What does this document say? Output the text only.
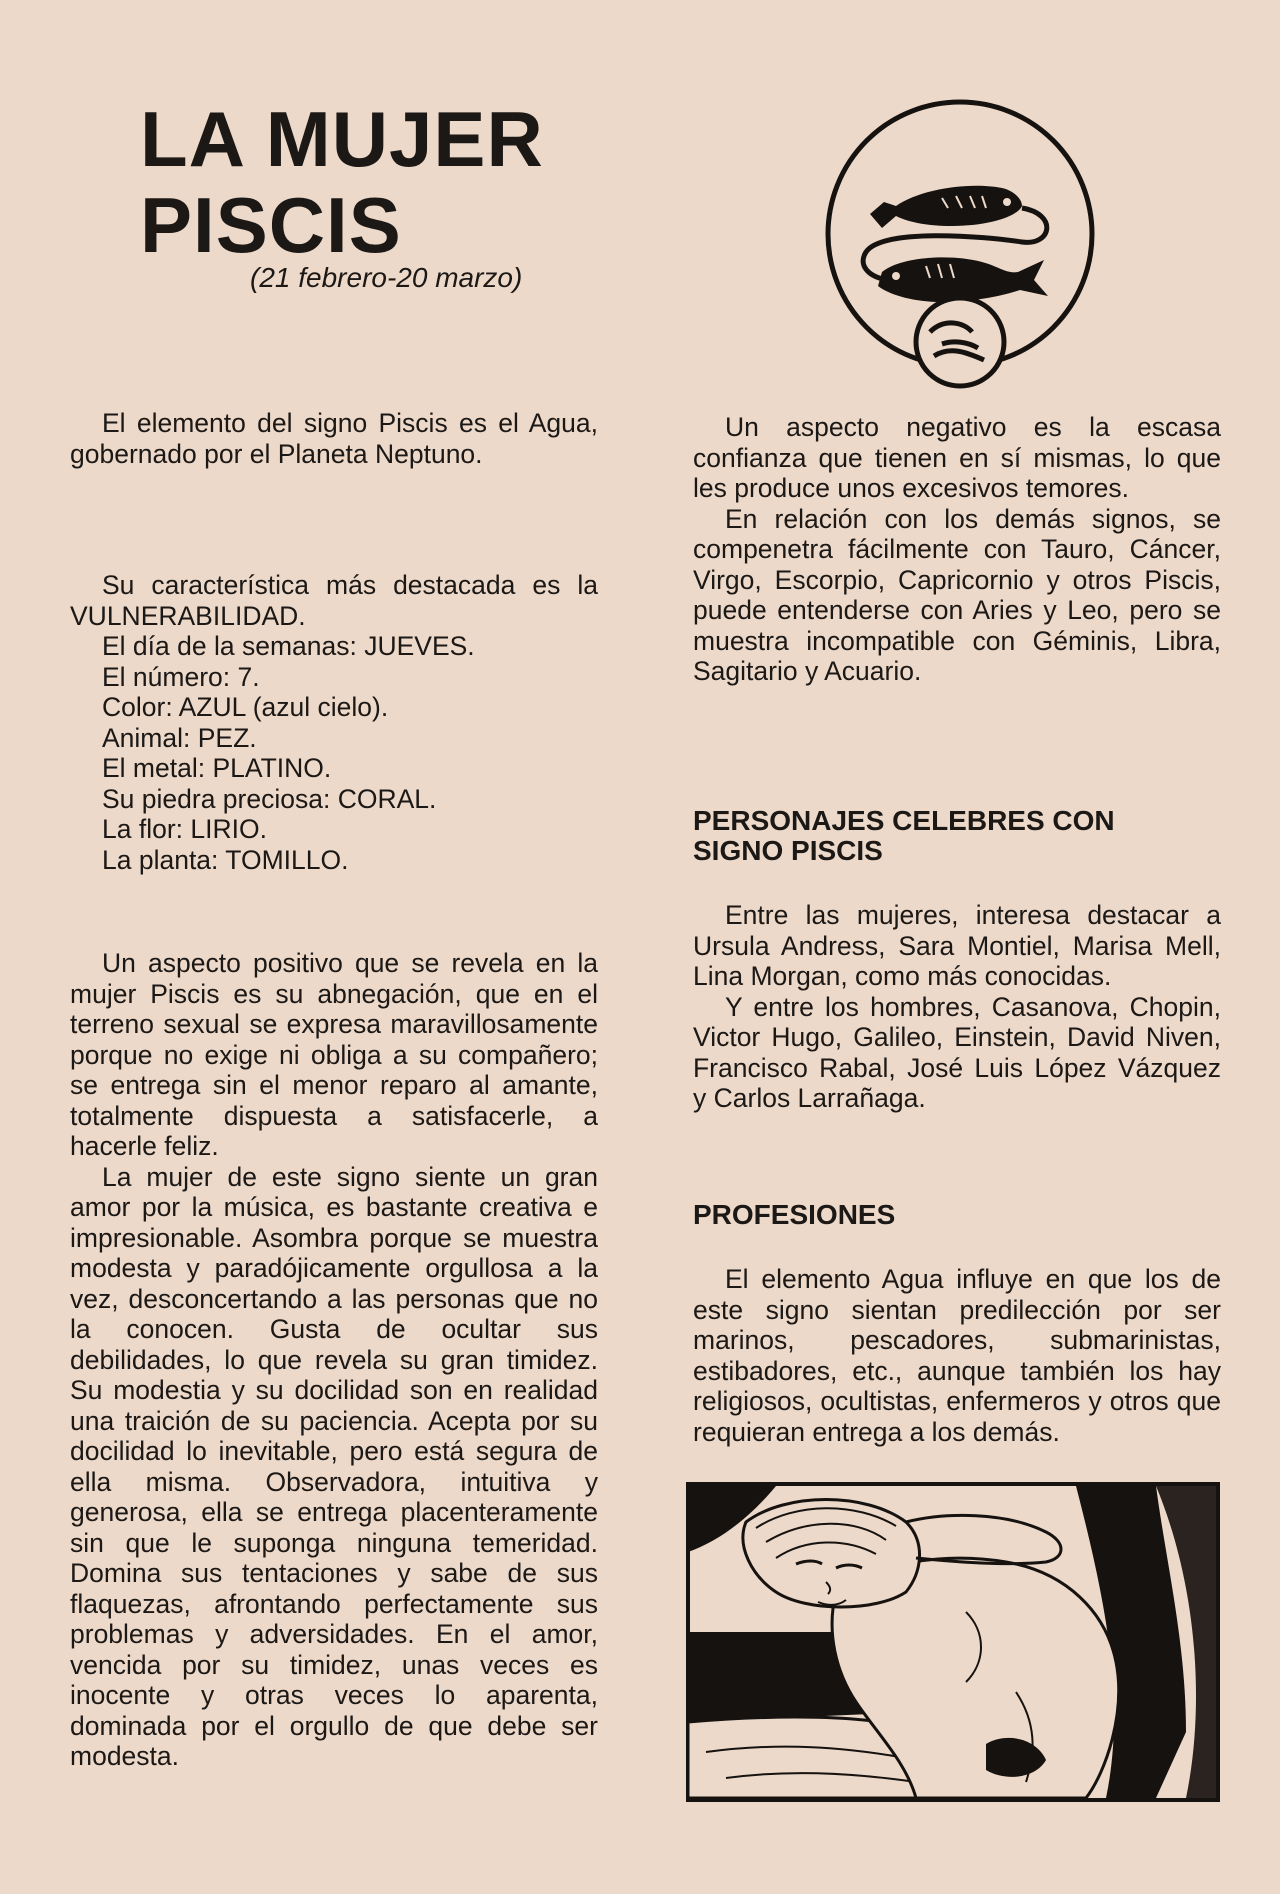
LA MUJER
PISCIS
(21 febrero-20 marzo)

El elemento del signo Piscis es el Agua, gobernado por el Planeta Neptuno.

Su característica más destacada es la VULNERABILIDAD.

El día de la semanas: JUEVES.

El número: 7.

Color: AZUL (azul cielo).

Animal: PEZ.

El metal: PLATINO.

Su piedra preciosa: CORAL.

La flor: LIRIO.

La planta: TOMILLO.

Un aspecto positivo que se revela en la mujer Piscis es su abnegación, que en el terreno sexual se expresa maravillosamente porque no exige ni obliga a su compañero; se entrega sin el menor reparo al amante, totalmente dispuesta a satisfacerle, a hacerle feliz.

La mujer de este signo siente un gran amor por la música, es bastante creativa e impresionable. Asombra porque se muestra modesta y paradójicamente orgullosa a la vez, desconcertando a las personas que no la conocen. Gusta de ocultar sus debilidades, lo que revela su gran timidez. Su modestia y su docilidad son en realidad una traición de su paciencia. Acepta por su docilidad lo inevitable, pero está segura de ella misma. Observadora, intuitiva y generosa, ella se entrega placenteramente sin que le suponga ninguna temeridad. Domina sus tentaciones y sabe de sus flaquezas, afrontando perfectamente sus problemas y adversidades. En el amor, vencida por su timidez, unas veces es inocente y otras veces lo aparenta, dominada por el orgullo de que debe ser modesta.

Un aspecto negativo es la escasa confianza que tienen en sí mismas, lo que les produce unos excesivos temores.

En relación con los demás signos, se compenetra fácilmente con Tauro, Cáncer, Virgo, Escorpio, Capricornio y otros Piscis, puede entenderse con Aries y Leo, pero se muestra incompatible con Géminis, Libra, Sagitario y Acuario.

PERSONAJES CELEBRES CON
SIGNO PISCIS

Entre las mujeres, interesa destacar a Ursula Andress, Sara Montiel, Marisa Mell, Lina Morgan, como más conocidas.

Y entre los hombres, Casanova, Chopin, Victor Hugo, Galileo, Einstein, David Niven, Francisco Rabal, José Luis López Vázquez y Carlos Larrañaga.

PROFESIONES

El elemento Agua influye en que los de este signo sientan predilección por ser marinos, pescadores, submarinistas, estibadores, etc., aunque también los hay religiosos, ocultistas, enfermeros y otros que requieran entrega a los demás.
